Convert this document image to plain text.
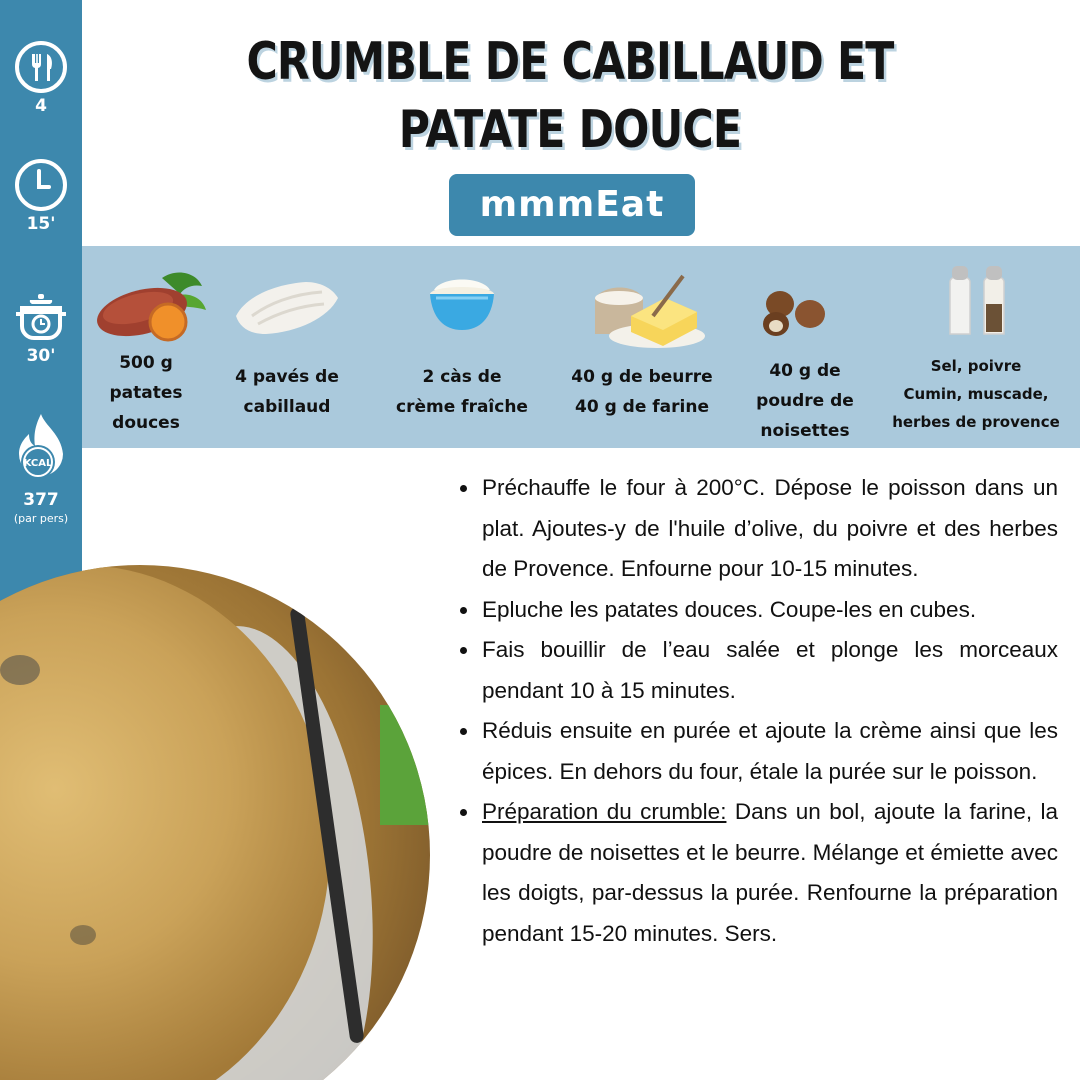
4
15'
30'
KCAL
377
(par pers)
CRUMBLE DE CABILLAUD ET PATATE DOUCE
mmmEat
500 g
patates
douces
4 pavés de
cabillaud
2 càs de
crème fraîche
40 g de beurre
40 g de farine
40 g de
poudre de
noisettes
Sel, poivre
Cumin, muscade,
herbes de provence
Préchauffe le four à 200°C. Dépose le poisson dans un plat. Ajoutes-y de l'huile d’olive, du poivre et des herbes de Provence. Enfourne pour 10-15 minutes.
Epluche les patates douces. Coupe-les en cubes.
Fais bouillir de l’eau salée et plonge les morceaux pendant 10 à 15 minutes.
Réduis ensuite en purée et ajoute la crème ainsi que les épices. En dehors du four, étale la purée sur le poisson.
Préparation du crumble: Dans un bol, ajoute la farine, la poudre de noisettes et le beurre. Mélange et émiette avec les doigts, par-dessus la purée. Renfourne la préparation pendant 15-20 minutes. Sers.
